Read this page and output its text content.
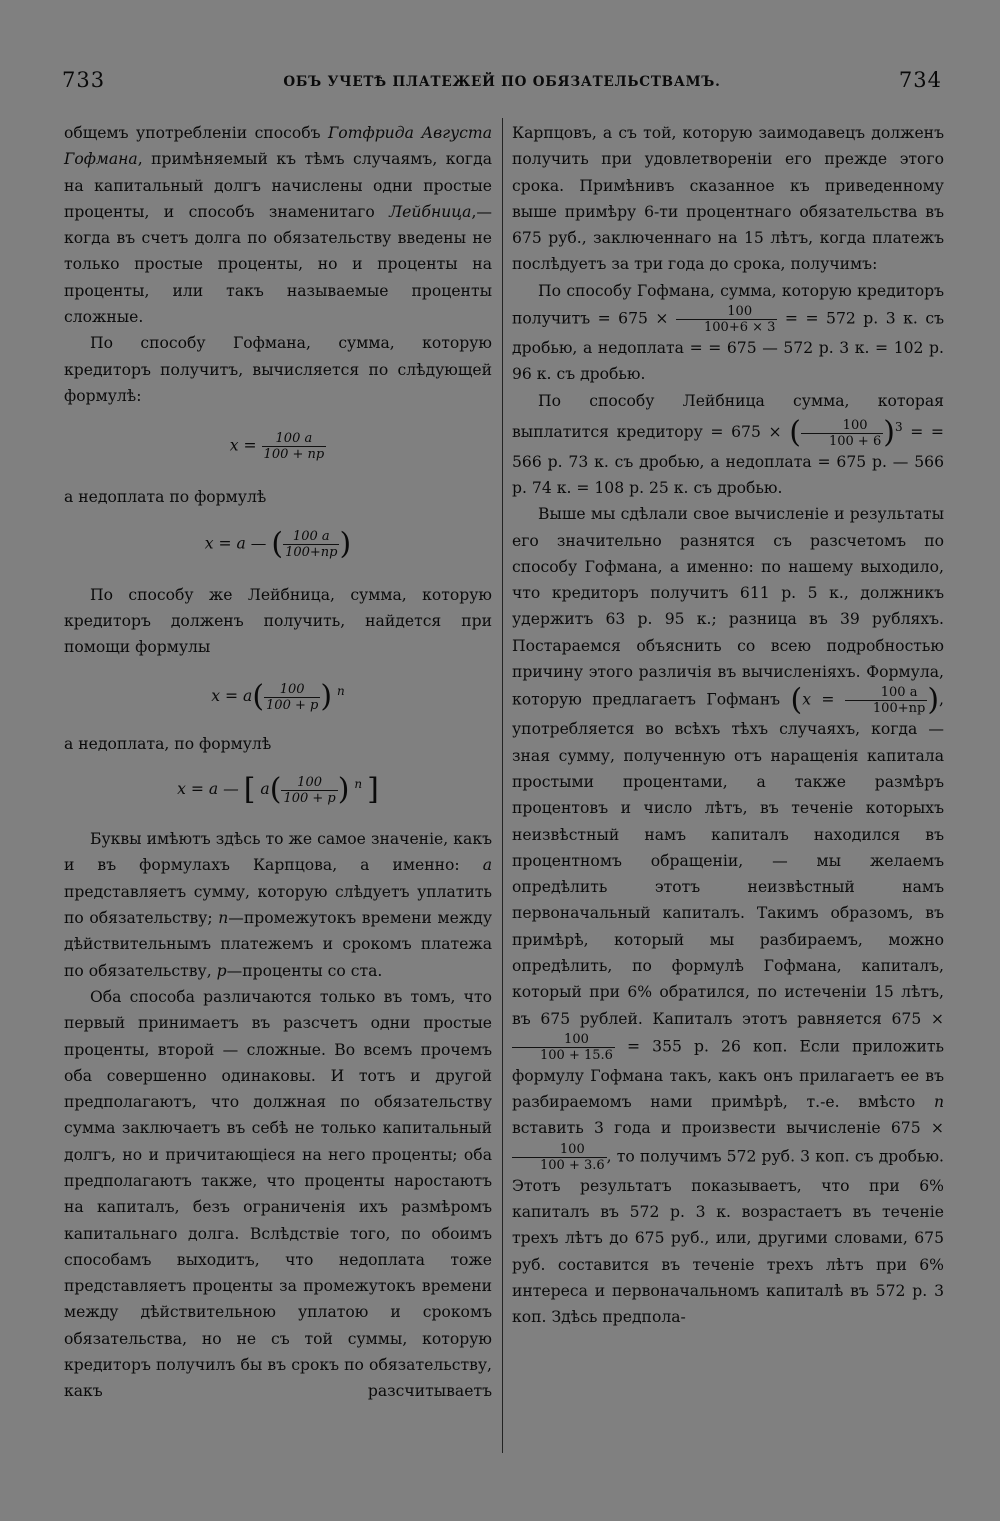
733	ОБЪ УЧЕТѢ ПЛАТЕЖЕЙ ПО ОБЯЗАТЕЛЬСТВАМЪ.	734

общемъ употребленіи способъ Готфрида Августа Гофмана, примѣняемый къ тѣмъ случаямъ, когда на капитальный долгъ начислены одни простые проценты, и способъ знаменитаго Лейбница,—когда въ счетъ долга по обязательству введены не только простые проценты, но и проценты на проценты, или такъ называемые проценты сложные.

По способу Гофмана, сумма, которую кредиторъ получитъ, вычисляется по слѣдующей формулѣ:

$x = \frac{100 a}{100 + np}$

а недоплата по формулѣ

x = a — ( $\frac{100 a}{100+np}$ )

По способу же Лейбница, сумма, которую кредиторъ долженъ получить, найдется при помощи формулы

$x = a( \frac{100}{100 + p}$ ) $^n$

а недоплата, по формулѣ

x = a — [ $a( \frac{100}{100 + p}$ ) $^n$ ]

Буквы имѣютъ здѣсь то же самое значеніе, какъ и въ формулахъ Карпцова, а именно: a представляетъ сумму, которую слѣдуетъ уплатить по обязательству; n—промежутокъ времени между дѣйствительнымъ платежемъ и срокомъ платежа по обязательству, p—проценты со ста.

Оба способа различаются только въ томъ, что первый принимаетъ въ разсчетъ одни простые проценты, второй — сложные. Во всемъ прочемъ оба совершенно одинаковы. И тотъ и другой предполагаютъ, что должная по обязательству сумма заключаетъ въ себѣ не только капитальный долгъ, но и причитающіеся на него проценты; оба предполагаютъ также, что проценты наростаютъ на капиталъ, безъ ограниченія ихъ размѣромъ капитальнаго долга. Вслѣдствіе того, по обоимъ способамъ выходитъ, что недоплата тоже представляетъ проценты за промежутокъ времени между дѣйствительною уплатою и срокомъ обязательства, но не съ той суммы, которую кредиторъ получилъ бы въ срокъ по обязательству, какъ разсчитываетъ

Карпцовъ, а съ той, которую заимодавецъ долженъ получить при удовлетвореніи его прежде этого срока. Примѣнивъ сказанное къ приведенному выше примѣру 6-ти процентнаго обязательства въ 675 руб., заключеннаго на 15 лѣтъ, когда платежъ послѣдуетъ за три года до срока, получимъ:

По способу Гофмана, сумма, которую кредиторъ получитъ = $675 \times \frac{100}{100+6 \times 3}$ = = 572 р. 3 к. съ дробью, а недоплата = = 675 — 572 р. 3 к. = 102 р. 96 к. съ дробью.

По способу Лейбница сумма, которая выплатится кредитору = 675 × ( $\frac{100}{100 + 6} )^3$ = = 566 р. 73 к. съ дробью, а недоплата = 675 р. — 566 р. 74 к. = 108 р. 25 к. съ дробью.

Выше мы сдѣлали свое вычисленіе и результаты его значительно разнятся съ разсчетомъ по способу Гофмана, а именно: по нашему выходило, что кредиторъ получитъ 611 р. 5 к., должникъ удержитъ 63 р. 95 к.; разница въ 39 рубляхъ. Постараемся объяснить со всею подробностью причину этого различія въ вычисленіяхъ. Формула, которую предлагаетъ Гофманъ ($x = \frac{100 a}{100+np}$ ), употребляется во всѣхъ тѣхъ случаяхъ, когда —зная сумму, полученную отъ наращенія капитала простыми процентами, а также размѣръ процентовъ и число лѣтъ, въ теченіе которыхъ неизвѣстный намъ капиталъ находился въ процентномъ обращеніи, — мы желаемъ опредѣлить этотъ неизвѣстный намъ первоначальный капиталъ. Такимъ образомъ, въ примѣрѣ, который мы разбираемъ, можно опредѣлить, по формулѣ Гофмана, капиталъ, который при 6% обратился, по истеченіи 15 лѣтъ, въ 675 рублей. Капиталъ этотъ равняется 675 ×
$\frac{100}{100 + 15.6} = 355$ р. 26 коп. Если приложить формулу Гофмана такъ, какъ онъ прилагаетъ ее въ разбираемомъ нами примѣрѣ, т.-е. вмѣсто n вставить 3 года и произвести вычисленіе 675 ×
$\frac{100}{100 + 3.6}$ , то получимъ 572 руб. 3 коп. съ дробью. Этотъ результатъ показываетъ, что при 6% капиталъ въ 572 р. 3 к. возрастаетъ въ теченіе трехъ лѣтъ до 675 руб., или, другими словами, 675 руб. составится въ теченіе трехъ лѣтъ при 6% интереса и первоначальномъ капиталѣ въ 572 р. 3 коп. Здѣсь предпола-
